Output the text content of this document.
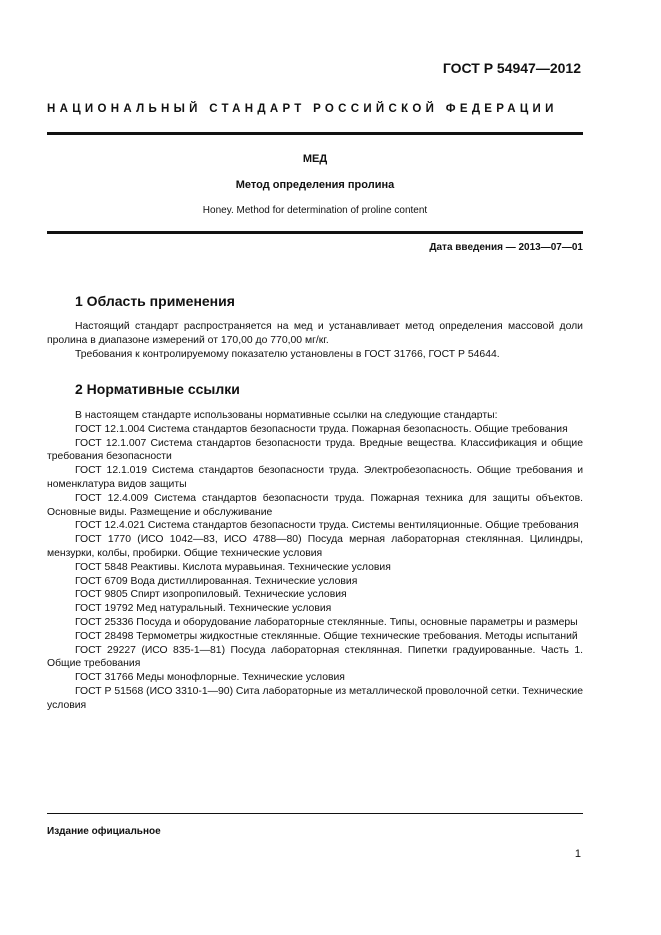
ГОСТ Р 54947—2012
НАЦИОНАЛЬНЫЙ СТАНДАРТ РОССИЙСКОЙ ФЕДЕРАЦИИ
МЕД
Метод определения пролина
Honey. Method for determination of proline content
Дата введения — 2013—07—01
1 Область применения

Настоящий стандарт распространяется на мед и устанавливает метод определения массовой доли пролина в диапазоне измерений от 170,00 до 770,00 мг/кг.

Требования к контролируемому показателю установлены в ГОСТ 31766, ГОСТ Р 54644.

2 Нормативные ссылки

В настоящем стандарте использованы нормативные ссылки на следующие стандарты:

ГОСТ 12.1.004 Система стандартов безопасности труда. Пожарная безопасность. Общие требования

ГОСТ 12.1.007 Система стандартов безопасности труда. Вредные вещества. Классификация и общие требования безопасности

ГОСТ 12.1.019 Система стандартов безопасности труда. Электробезопасность. Общие требования и номенклатура видов защиты

ГОСТ 12.4.009 Система стандартов безопасности труда. Пожарная техника для защиты объектов. Основные виды. Размещение и обслуживание

ГОСТ 12.4.021 Система стандартов безопасности труда. Системы вентиляционные. Общие требования

ГОСТ 1770 (ИСО 1042—83, ИСО 4788—80) Посуда мерная лабораторная стеклянная. Цилиндры, мензурки, колбы, пробирки. Общие технические условия

ГОСТ 5848 Реактивы. Кислота муравьиная. Технические условия

ГОСТ 6709 Вода дистиллированная. Технические условия

ГОСТ 9805 Спирт изопропиловый. Технические условия

ГОСТ 19792 Мед натуральный. Технические условия

ГОСТ 25336 Посуда и оборудование лабораторные стеклянные. Типы, основные параметры и размеры

ГОСТ 28498 Термометры жидкостные стеклянные. Общие технические требования. Методы испытаний

ГОСТ 29227 (ИСО 835-1—81) Посуда лабораторная стеклянная. Пипетки градуированные. Часть 1. Общие требования

ГОСТ 31766 Меды монофлорные. Технические условия

ГОСТ Р 51568 (ИСО 3310-1—90) Сита лабораторные из металлической проволочной сетки. Технические условия

Издание официальное
1
